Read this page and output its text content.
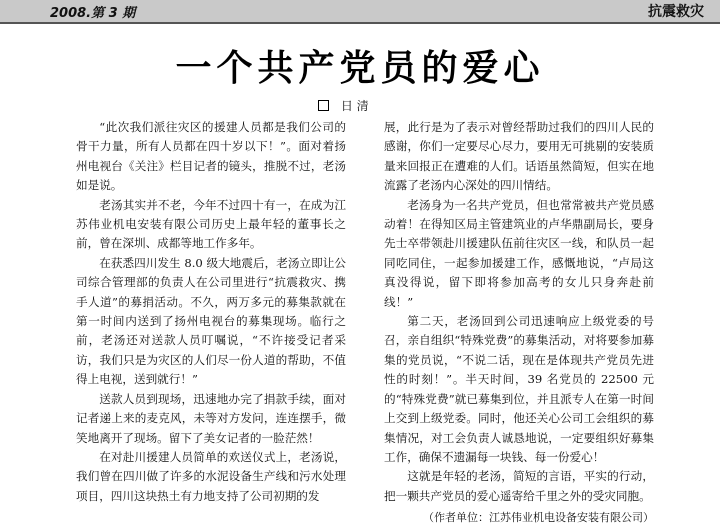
2008.第 3 期	抗震救灾
一个共产党员的爱心
日 清

“此次我们派往灾区的援建人员都是我们公司的骨干力量，所有人员都在四十岁以下！”。面对着扬州电视台《关注》栏目记者的镜头，推脱不过，老汤如是说。

老汤其实并不老，今年不过四十有一，在成为江苏伟业机电安装有限公司历史上最年轻的董事长之前，曾在深圳、成都等地工作多年。

在获悉四川发生 8.0 级大地震后，老汤立即让公司综合管理部的负责人在公司里进行“抗震救灾、携手人道”的募捐活动。不久，两万多元的募集款就在第一时间内送到了扬州电视台的募集现场。临行之前，老汤还对送款人员叮嘱说，“不许接受记者采访，我们只是为灾区的人们尽一份人道的帮助，不值得上电视，送到就行！”

送款人员到现场，迅速地办完了捐款手续，面对记者递上来的麦克风，未等对方发问，连连摆手，微笑地离开了现场。留下了美女记者的一脸茫然！

在对赴川援建人员简单的欢送仪式上，老汤说，我们曾在四川做了许多的水泥设备生产线和污水处理项目，四川这块热土有力地支持了公司初期的发

展，此行是为了表示对曾经帮助过我们的四川人民的感谢，你们一定要尽心尽力，要用无可挑剔的安装质量来回报正在遭难的人们。话语虽然简短，但实在地流露了老汤内心深处的四川情结。

老汤身为一名共产党员，但也常常被共产党员感动着！在得知区局主管建筑业的卢华鼎副局长，要身先士卒带领赴川援建队伍前往灾区一线，和队员一起同吃同住，一起参加援建工作，感慨地说，“卢局这真没得说，留下即将参加高考的女儿只身奔赴前线！”

第二天，老汤回到公司迅速响应上级党委的号召，亲自组织“特殊党费”的募集活动，对将要参加募集的党员说，“不说二话，现在是体现共产党员先进性的时刻！”。半天时间，39 名党员的 22500 元的“特殊党费”就已募集到位，并且派专人在第一时间上交到上级党委。同时，他还关心公司工会组织的募集情况，对工会负责人诚恳地说，一定要组织好募集工作，确保不遗漏每一块钱、每一份爱心！

这就是年轻的老汤，简短的言语，平实的行动，把一颗共产党员的爱心遥寄给千里之外的受灾同胞。

（作者单位：江苏伟业机电设备安装有限公司）
